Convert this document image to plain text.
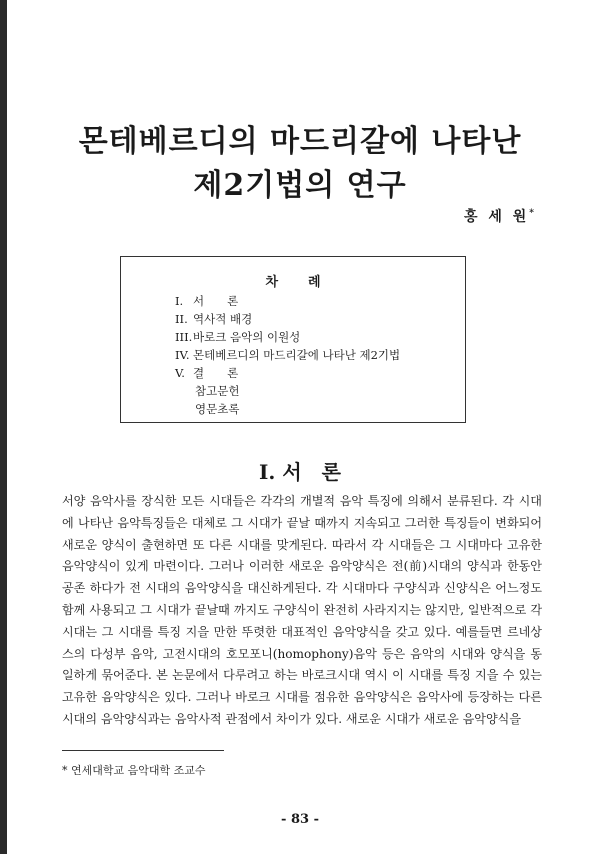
몬테베르디의 마드리갈에 나타난
제2기법의 연구
홍 세 원*
차례
I. 서　　론
II. 역사적 배경
III.바로크 음악의 이원성
IV. 몬테베르디의 마드리갈에 나타난 제2기법
V. 결　　론
참고문헌
영문초록
I. 서　론

서양 음악사를 장식한 모든 시대들은 각각의 개별적 음악 특징에 의해서 분류된다. 각 시대에 나타난 음악특징들은 대체로 그 시대가 끝날 때까지 지속되고 그러한 특징들이 변화되어 새로운 양식이 출현하면 또 다른 시대를 맞게된다. 따라서 각 시대들은 그 시대마다 고유한 음악양식이 있게 마련이다. 그러나 이러한 새로운 음악양식은 전(前)시대의 양식과 한동안 공존 하다가 전 시대의 음악양식을 대신하게된다. 각 시대마다 구양식과 신양식은 어느정도 함께 사용되고 그 시대가 끝날때 까지도 구양식이 완전히 사라지지는 않지만, 일반적으로 각 시대는 그 시대를 특징 지을 만한 뚜렷한 대표적인 음악양식을 갖고 있다. 예를들면 르네상스의 다성부 음악, 고전시대의 호모포니(homophony)음악 등은 음악의 시대와 양식을 동일하게 묶어준다. 본 논문에서 다루려고 하는 바로크시대 역시 이 시대를 특징 지을 수 있는 고유한 음악양식은 있다. 그러나 바로크 시대를 점유한 음악양식은 음악사에 등장하는 다른 시대의 음악양식과는 음악사적 관점에서 차이가 있다. 새로운 시대가 새로운 음악양식을

* 연세대학교 음악대학 조교수
- 83 -
